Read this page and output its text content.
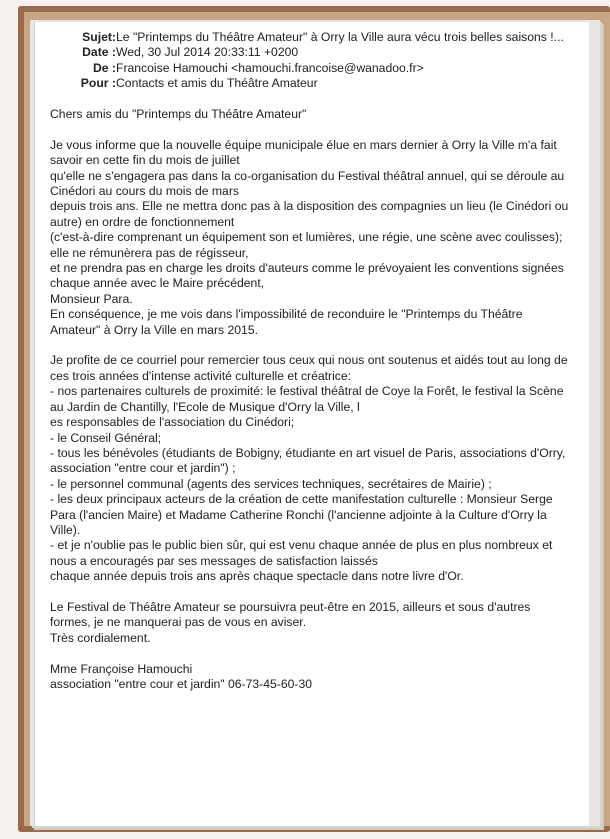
Sujet: Le "Printemps du Théâtre Amateur" à Orry la Ville aura vécu trois belles saisons !...
Date : Wed, 30 Jul 2014 20:33:11 +0200
De : Francoise Hamouchi <hamouchi.francoise@wanadoo.fr>
Pour : Contacts et amis du Théâtre Amateur
Chers amis du "Printemps du Théâtre Amateur"
Je vous informe que la nouvelle équipe municipale élue en mars dernier à Orry la Ville m'a fait savoir en cette fin du mois de juillet
qu'elle ne s'engagera pas dans la co-organisation du Festival théâtral annuel, qui se déroule au Cinédori au cours du mois de mars
depuis trois ans. Elle ne mettra donc pas à la disposition des compagnies un lieu (le Cinédori ou autre) en ordre de fonctionnement
(c'est-à-dire comprenant un équipement son et lumières, une régie, une scène avec coulisses); elle ne rémunèrera pas de régisseur,
et ne prendra pas en charge les droits d'auteurs comme le prévoyaient les conventions signées chaque année avec le Maire précédent,
Monsieur Para.
En conséquence, je me vois dans l'impossibilité de reconduire le "Printemps du Théâtre Amateur" à Orry la Ville en mars 2015.
Je profite de ce courriel pour remercier tous ceux qui nous ont soutenus et aidés tout au long de ces trois années d'intense activité culturelle et créatrice:
- nos partenaires culturels de proximité: le festival théâtral de Coye la Forêt, le festival la Scène au Jardin de Chantilly, l'Ecole de Musique d'Orry la Ville, l
es responsables de l'association du Cinédori;
- le Conseil Général;
- tous les bénévoles (étudiants de Bobigny, étudiante en art visuel de Paris, associations d'Orry, association "entre cour et jardin") ;
- le personnel communal (agents des services techniques, secrétaires de Mairie) ;
- les deux principaux acteurs de la création de cette manifestation culturelle : Monsieur Serge Para (l'ancien Maire) et Madame Catherine Ronchi (l'ancienne adjointe à la Culture d'Orry la Ville).
- et je n'oublie pas le public bien sûr, qui est venu chaque année de plus en plus nombreux et nous a encouragés par ses messages de satisfaction laissés
chaque année depuis trois ans après chaque spectacle dans notre livre d'Or.
Le Festival de Théâtre Amateur se poursuivra peut-être en 2015, ailleurs et sous d'autres formes, je ne manquerai pas de vous en aviser.
Très cordialement.
Mme Françoise Hamouchi
association "entre cour et jardin" 06-73-45-60-30
